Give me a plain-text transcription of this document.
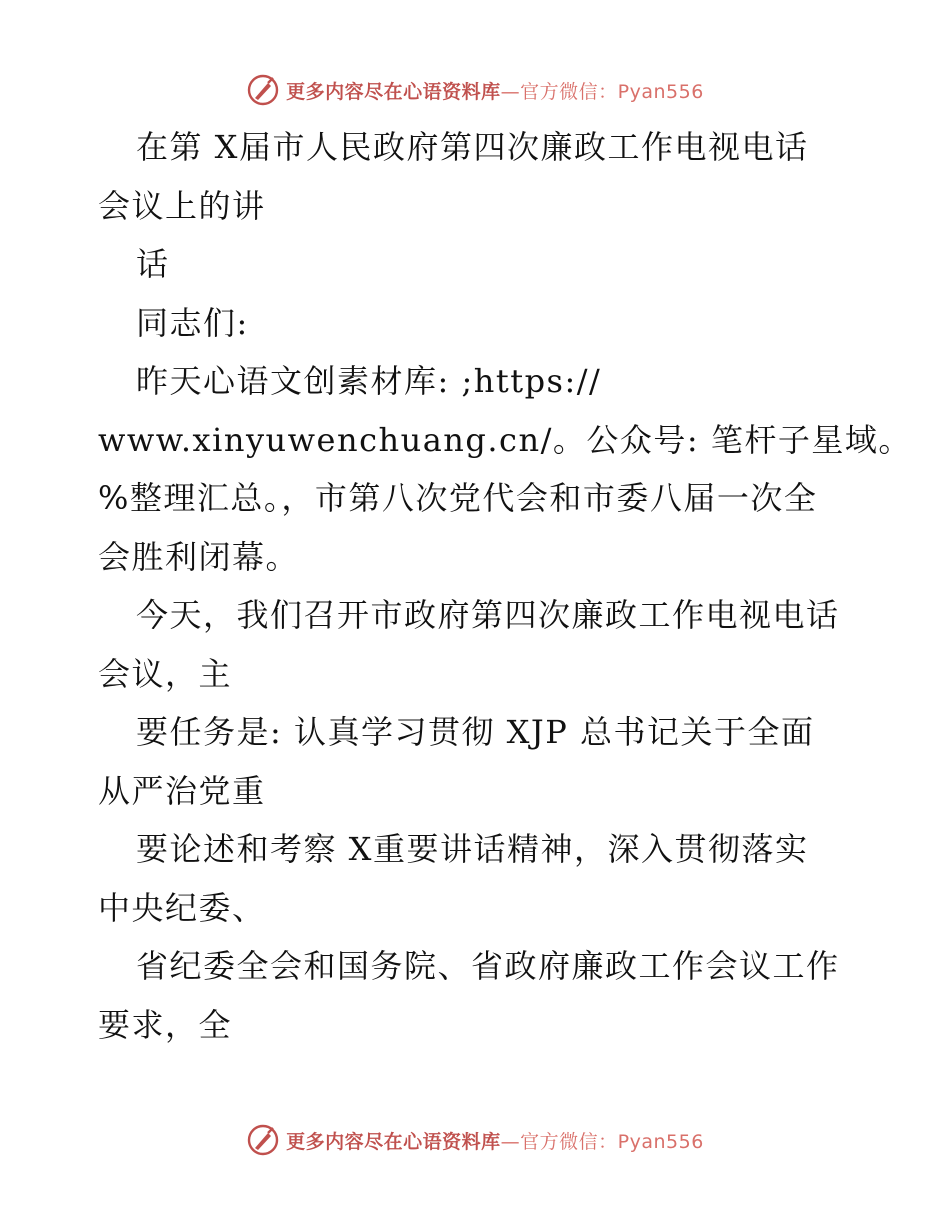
更多内容尽在心语资料库—官方微信：Pyan556
在第 X届市人民政府第四次廉政工作电视电话
会议上的讲
话
同志们:
昨天心语文创素材库: ;https://
www.xinyuwenchuang.cn/。公众号: 笔杆子星域。
%整理汇总。，市第八次党代会和市委八届一次全
会胜利闭幕。
今天，我们召开市政府第四次廉政工作电视电话
会议，主
要任务是: 认真学习贯彻 XJP 总书记关于全面
从严治党重
要论述和考察 X重要讲话精神，深入贯彻落实
中央纪委、
省纪委全会和国务院、省政府廉政工作会议工作
要求，全
更多内容尽在心语资料库—官方微信：Pyan556
